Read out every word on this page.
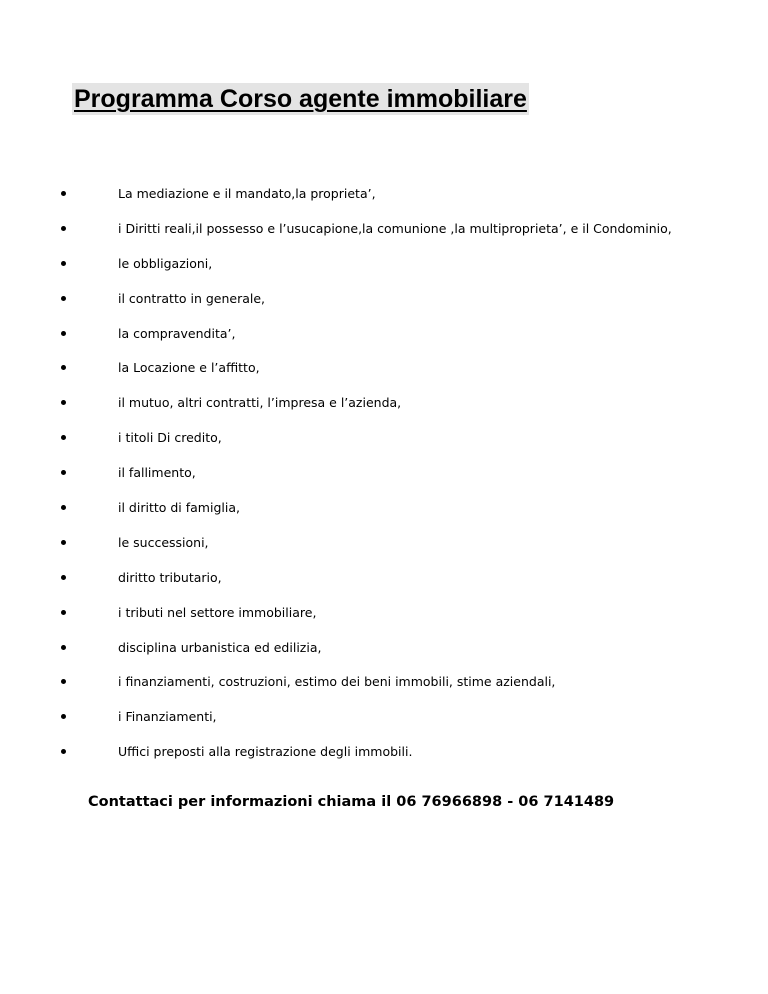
Programma Corso agente immobiliare
La mediazione e il mandato,la proprieta’,
i Diritti reali,il possesso e l’usucapione,la comunione ,la multiproprieta’, e il Condominio,
le obbligazioni,
il contratto in generale,
la compravendita’,
la Locazione e l’affitto,
il mutuo, altri contratti, l’impresa e l’azienda,
i titoli Di credito,
il fallimento,
il diritto di famiglia,
le successioni,
diritto tributario,
i tributi nel settore immobiliare,
disciplina urbanistica ed edilizia,
i finanziamenti, costruzioni, estimo dei beni immobili, stime aziendali,
i Finanziamenti,
Uffici preposti alla registrazione degli immobili.

Contattaci per informazioni chiama il 06 76966898 - 06 7141489
